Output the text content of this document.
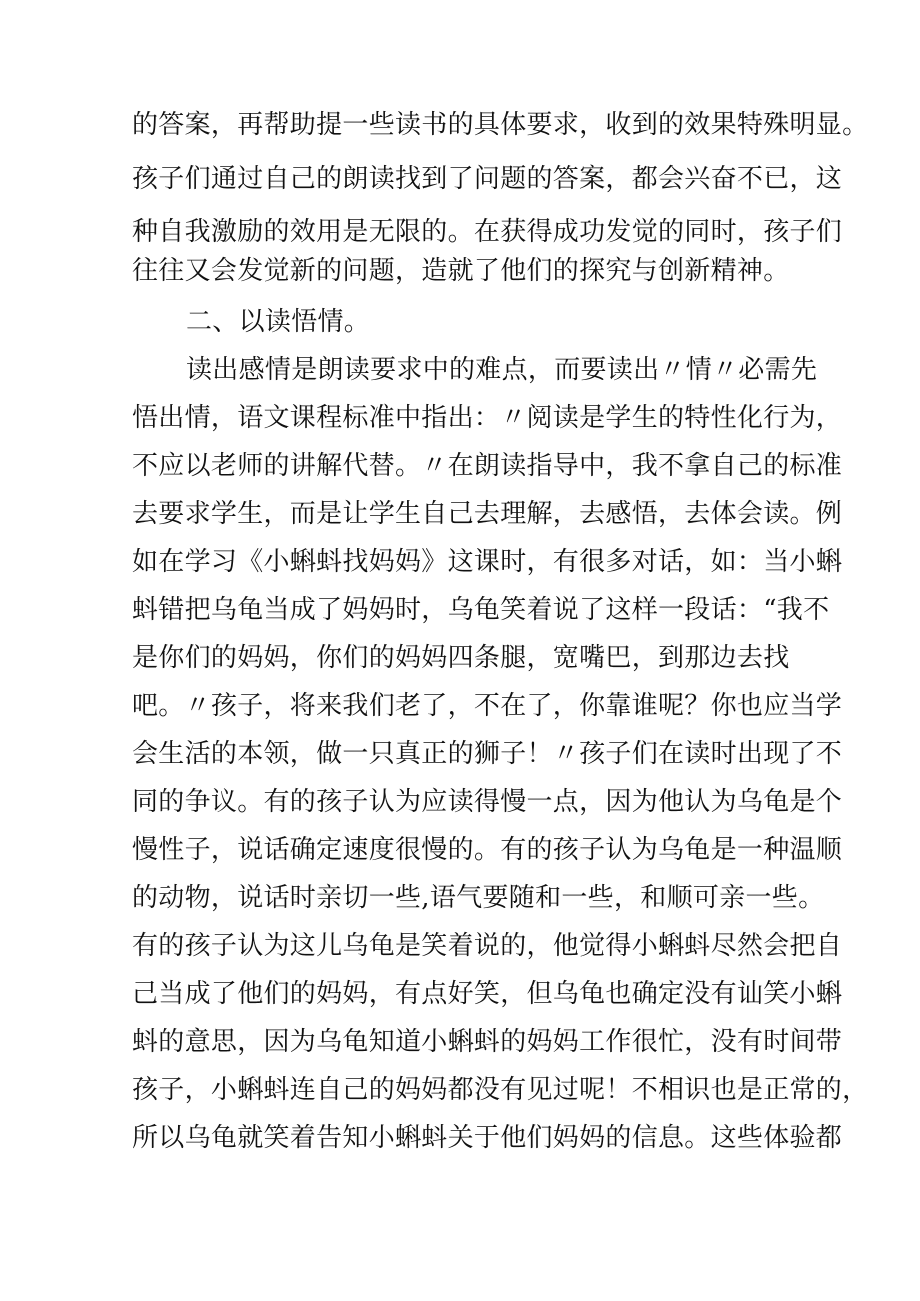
的答案，再帮助提一些读书的具体要求，收到的效果特殊明显。
孩子们通过自己的朗读找到了问题的答案，都会兴奋不已，这
种自我激励的效用是无限的。在获得成功发觉的同时，孩子们
往往又会发觉新的问题，造就了他们的探究与创新精神。
二、以读悟情。
读出感情是朗读要求中的难点，而要读出〃情〃必需先
悟出情，语文课程标准中指出：〃阅读是学生的特性化行为，
不应以老师的讲解代替。〃在朗读指导中，我不拿自己的标准
去要求学生，而是让学生自己去理解，去感悟，去体会读。例
如在学习《小蝌蚪找妈妈》这课时，有很多对话，如：当小蝌
蚪错把乌龟当成了妈妈时，乌龟笑着说了这样一段话：“我不
是你们的妈妈，你们的妈妈四条腿，宽嘴巴，到那边去找
吧。〃孩子，将来我们老了，不在了，你靠谁呢？你也应当学
会生活的本领，做一只真正的狮子！〃孩子们在读时出现了不
同的争议。有的孩子认为应读得慢一点，因为他认为乌龟是个
慢性子，说话确定速度很慢的。有的孩子认为乌龟是一种温顺
的动物，说话时亲切一些,语气要随和一些，和顺可亲一些。
有的孩子认为这儿乌龟是笑着说的，他觉得小蝌蚪尽然会把自
己当成了他们的妈妈，有点好笑，但乌龟也确定没有讪笑小蝌
蚪的意思，因为乌龟知道小蝌蚪的妈妈工作很忙，没有时间带
孩子，小蝌蚪连自己的妈妈都没有见过呢！不相识也是正常的，
所以乌龟就笑着告知小蝌蚪关于他们妈妈的信息。这些体验都
